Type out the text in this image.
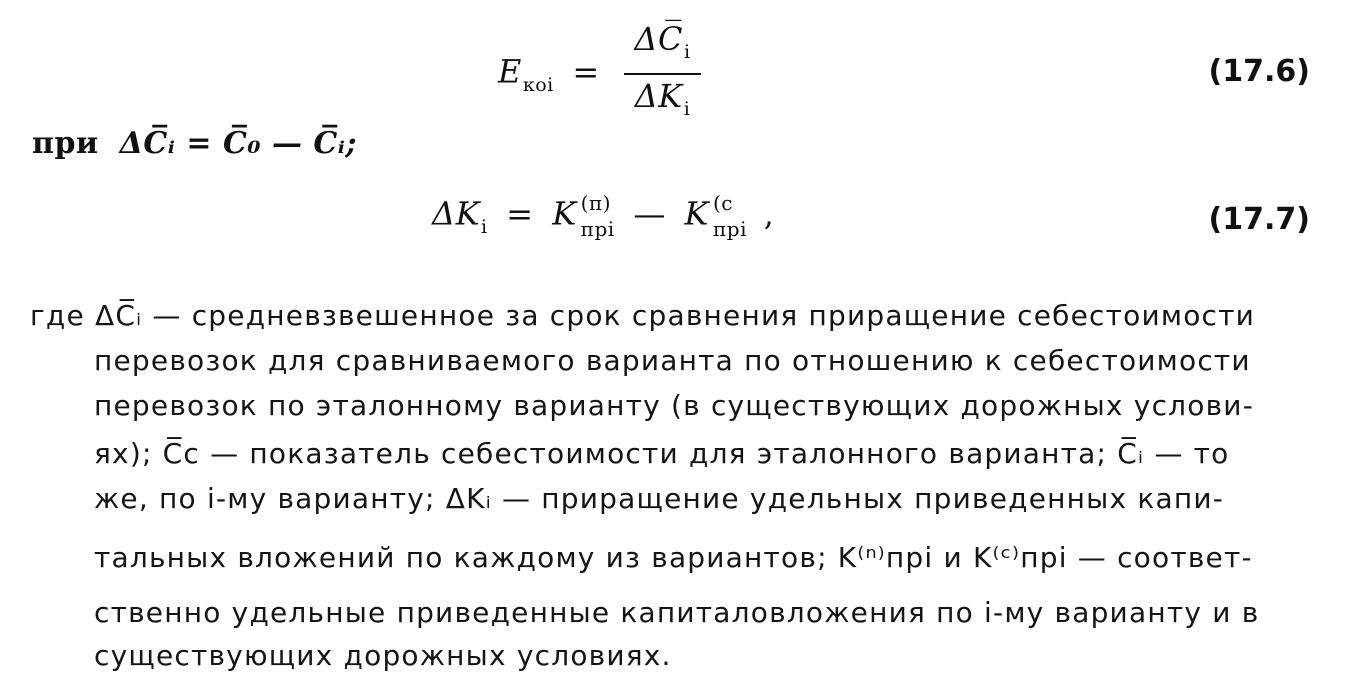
$E_{коi} = \frac{\Delta C̅_i}{\Delta K_i}$	(17.6)
при ΔC̅ᵢ = C̅₀ — C̅ᵢ;
$\Delta K_i = K$ (п)
прi — K (с
прi ,	(17.7)
где ΔC̅ᵢ — средневзвешенное за срок сравнения приращение себестоимости
перевозок для сравниваемого варианта по отношению к себестоимости
перевозок по эталонному варианту (в существующих дорожных услови-
ях); C̅c — показатель себестоимости для эталонного варианта; C̅ᵢ — то
же, по i-му варианту; ΔKᵢ — приращение удельных приведенных капи-
тальных вложений по каждому из вариантов; K⁽ⁿ⁾прi и K⁽ᶜ⁾прi — соответ-
ственно удельные приведенные капиталовложения по i-му варианту и в
существующих дорожных условиях.
